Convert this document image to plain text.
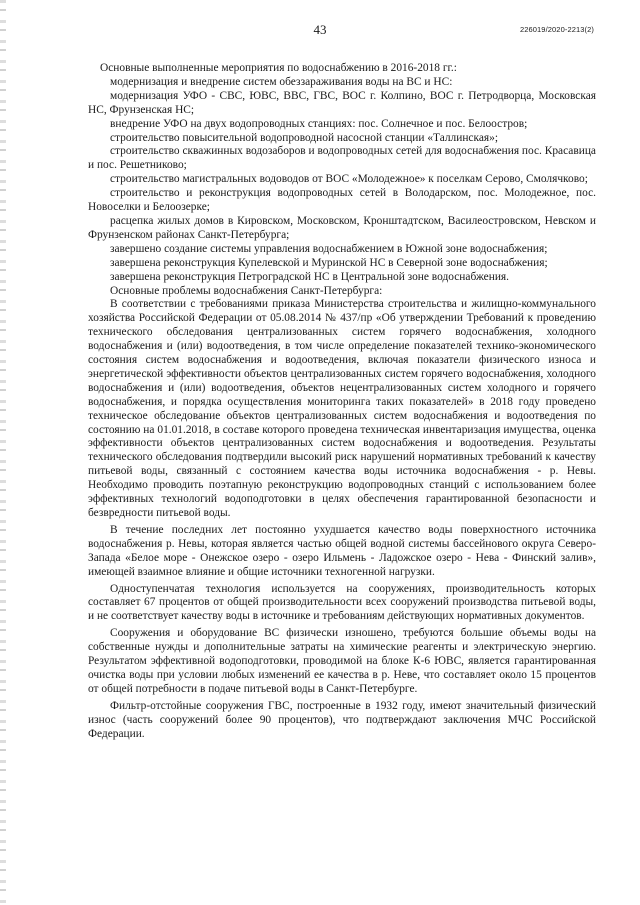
43	226019/2020-2213(2)

Основные выполненные мероприятия по водоснабжению в 2016-2018 гг.:

модернизация и внедрение систем обеззараживания воды на ВС и НС:

модернизация УФО - СВС, ЮВС, ВВС, ГВС, ВОС г. Колпино, ВОС г. Петродворца, Московская НС, Фрунзенская НС;

внедрение УФО на двух водопроводных станциях: пос. Солнечное и пос. Белоостров;

строительство повысительной водопроводной насосной станции «Таллинская»;

строительство скважинных водозаборов и водопроводных сетей для водоснабжения пос. Красавица и пос. Решетниково;

строительство магистральных водоводов от ВОС «Молодежное» к поселкам Серово, Смолячково;

строительство и реконструкция водопроводных сетей в Володарском, пос. Молодежное, пос. Новоселки и Белоозерке;

расцепка жилых домов в Кировском, Московском, Кронштадтском, Василеостровском, Невском и Фрунзенском районах Санкт-Петербурга;

завершено создание системы управления водоснабжением в Южной зоне водоснабжения;

завершена реконструкция Купелевской и Муринской НС в Северной зоне водоснабжения;

завершена реконструкция Петроградской НС в Центральной зоне водоснабжения.

Основные проблемы водоснабжения Санкт-Петербурга:

В соответствии с требованиями приказа Министерства строительства и жилищно-коммунального хозяйства Российской Федерации от 05.08.2014 № 437/пр «Об утверждении Требований к проведению технического обследования централизованных систем горячего водоснабжения, холодного водоснабжения и (или) водоотведения, в том числе определение показателей технико-экономического состояния систем водоснабжения и водоотведения, включая показатели физического износа и энергетической эффективности объектов централизованных систем горячего водоснабжения, холодного водоснабжения и (или) водоотведения, объектов нецентрализованных систем холодного и горячего водоснабжения, и порядка осуществления мониторинга таких показателей» в 2018 году проведено техническое обследование объектов централизованных систем водоснабжения и водоотведения по состоянию на 01.01.2018, в составе которого проведена техническая инвентаризация имущества, оценка эффективности объектов централизованных систем водоснабжения и водоотведения. Результаты технического обследования подтвердили высокий риск нарушений нормативных требований к качеству питьевой воды, связанный с состоянием качества воды источника водоснабжения - р. Невы. Необходимо проводить поэтапную реконструкцию водопроводных станций с использованием более эффективных технологий водоподготовки в целях обеспечения гарантированной безопасности и безвредности питьевой воды.

В течение последних лет постоянно ухудшается качество воды поверхностного источника водоснабжения р. Невы, которая является частью общей водной системы бассейнового округа Северо-Запада «Белое море - Онежское озеро - озеро Ильмень - Ладожское озеро - Нева - Финский залив», имеющей взаимное влияние и общие источники техногенной нагрузки.

Одноступенчатая технология используется на сооружениях, производительность которых составляет 67 процентов от общей производительности всех сооружений производства питьевой воды, и не соответствует качеству воды в источнике и требованиям действующих нормативных документов.

Сооружения и оборудование ВС физически изношено, требуются большие объемы воды на собственные нужды и дополнительные затраты на химические реагенты и электрическую энергию. Результатом эффективной водоподготовки, проводимой на блоке К-6 ЮВС, является гарантированная очистка воды при условии любых изменений ее качества в р. Неве, что составляет около 15 процентов от общей потребности в подаче питьевой воды в Санкт-Петербурге.

Фильтр-отстойные сооружения ГВС, построенные в 1932 году, имеют значительный физический износ (часть сооружений более 90 процентов), что подтверждают заключения МЧС Российской Федерации.
